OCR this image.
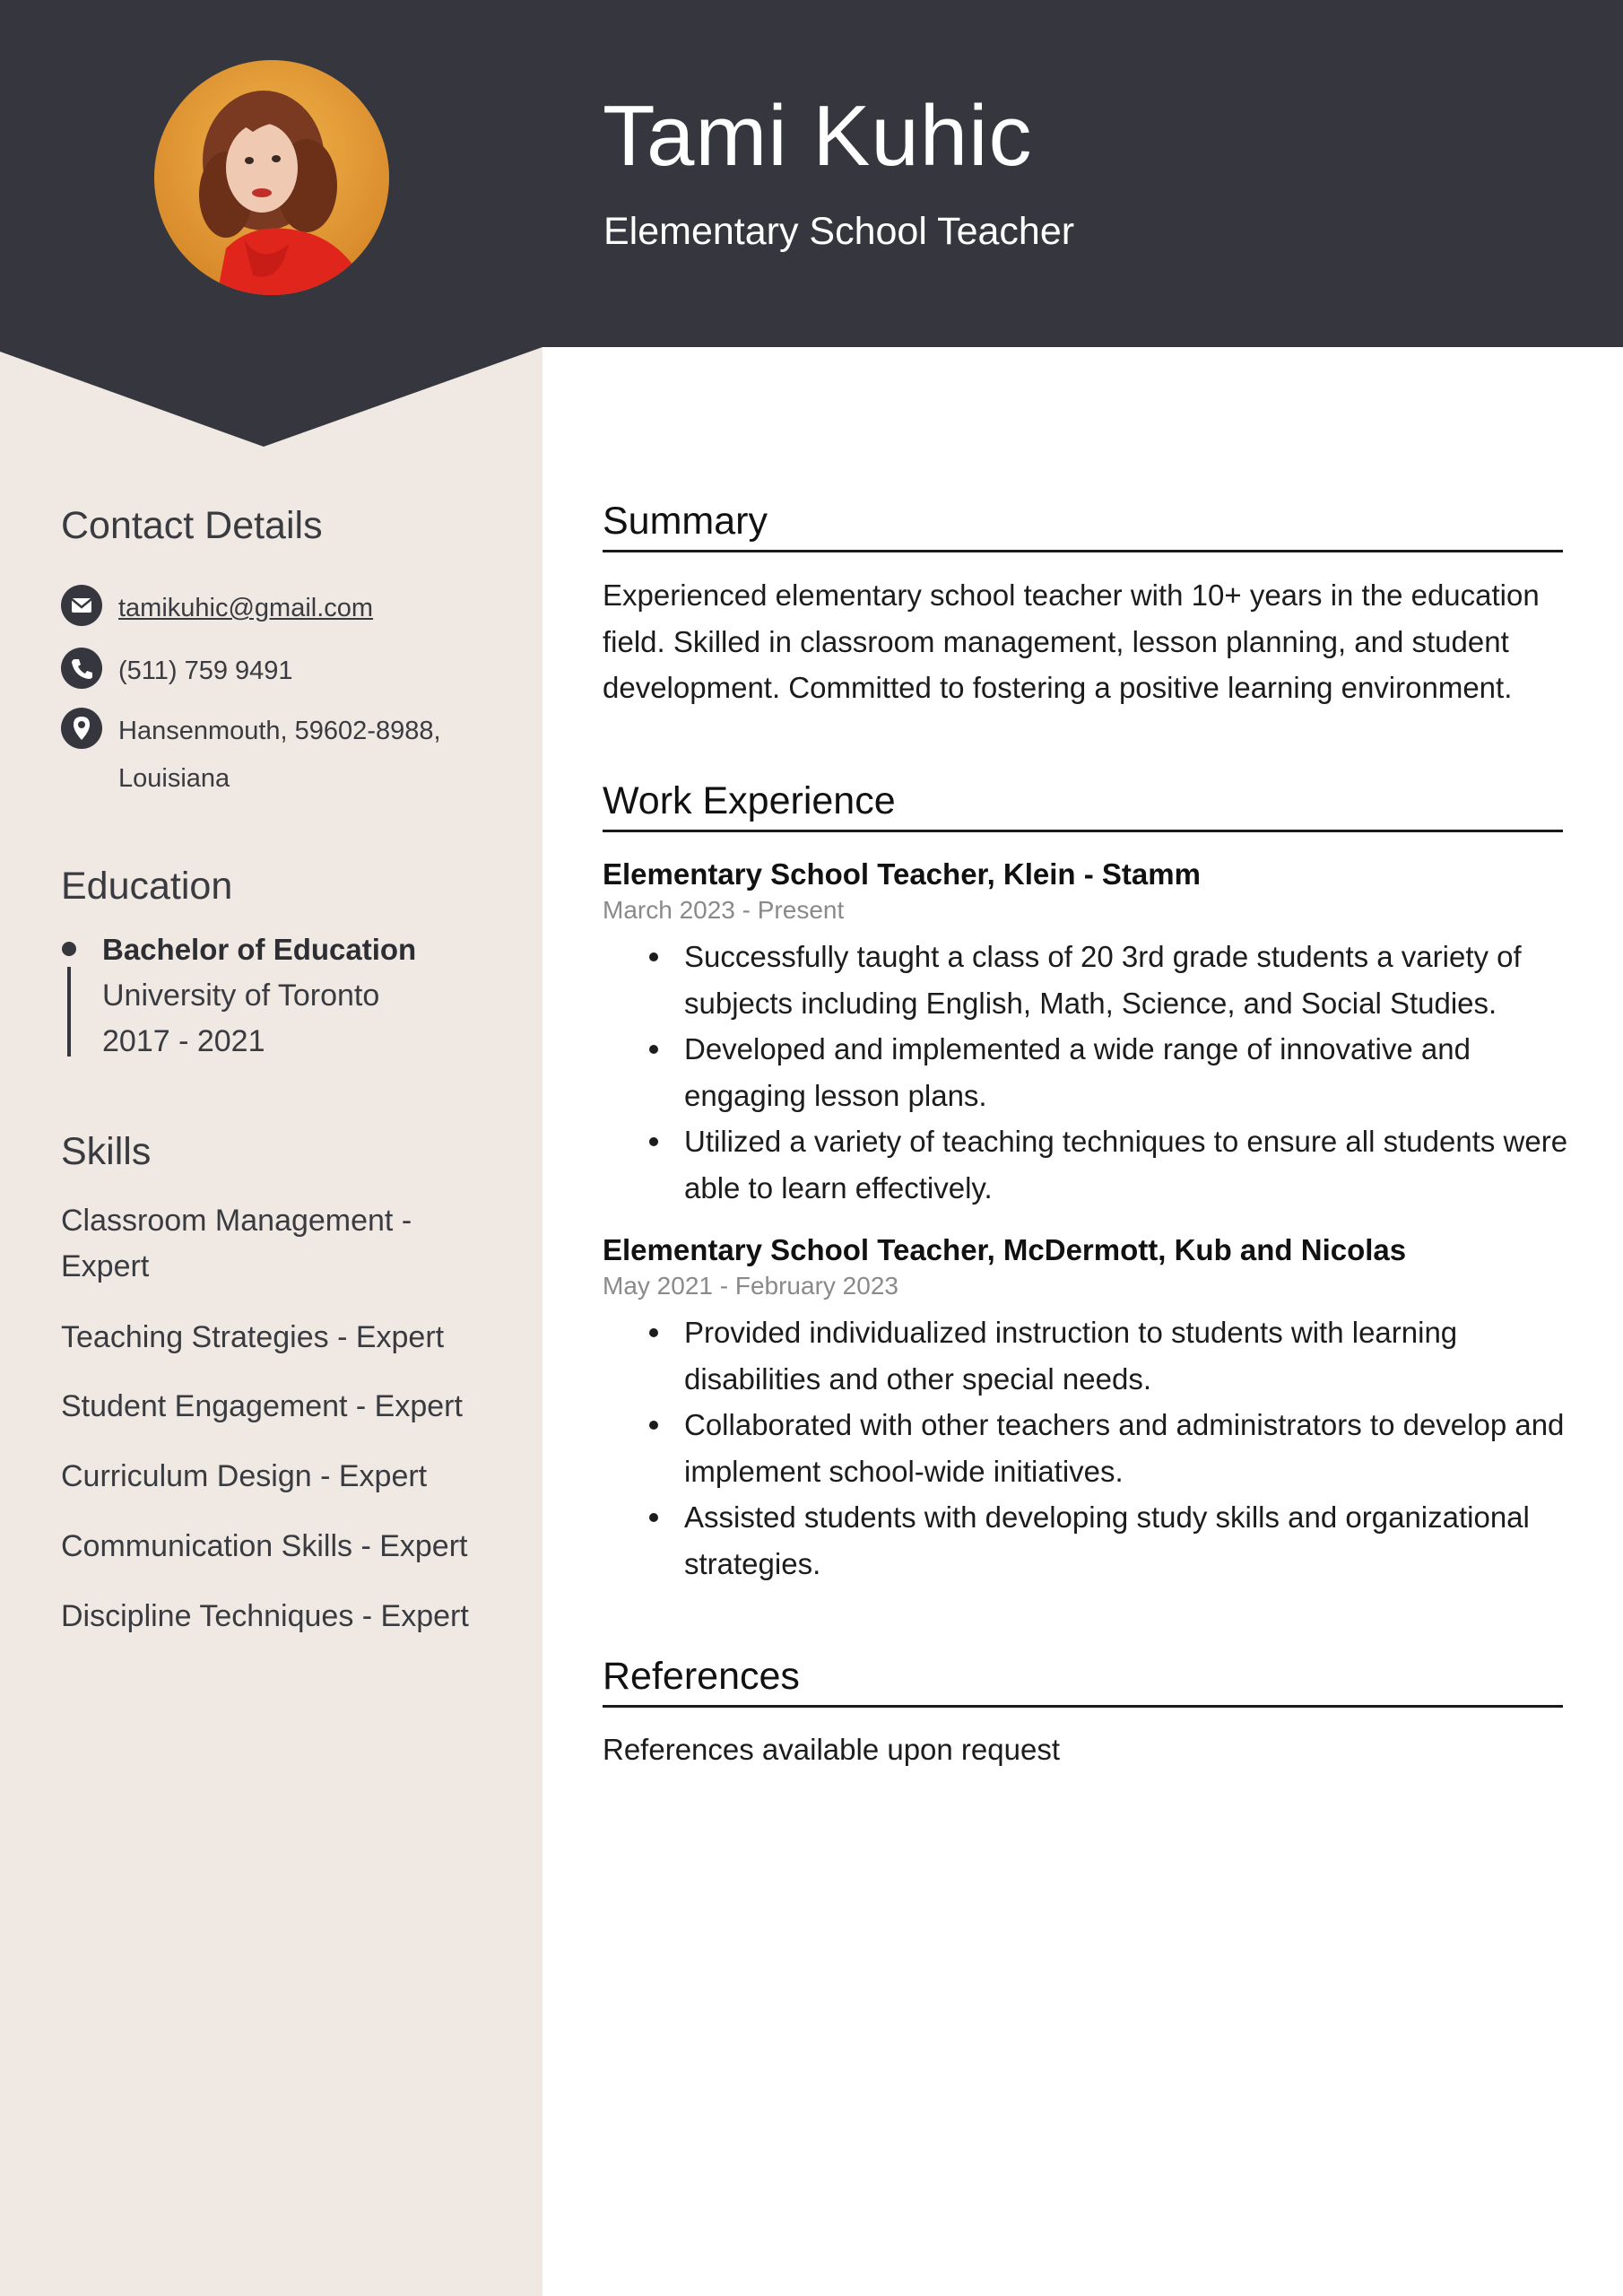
Tami Kuhic
Elementary School Teacher
Contact Details
tamikuhic@gmail.com
(511) 759 9491
Hansenmouth, 59602-8988,
Louisiana
Education
Bachelor of Education
University of Toronto
2017 - 2021
Skills
Classroom Management - Expert
Teaching Strategies - Expert
Student Engagement - Expert
Curriculum Design - Expert
Communication Skills - Expert
Discipline Techniques - Expert
Summary

Experienced elementary school teacher with 10+ years in the education field. Skilled in classroom management, lesson planning, and student development. Committed to fostering a positive learning environment.

Work Experience
Elementary School Teacher, Klein - Stamm
March 2023 - Present
Successfully taught a class of 20 3rd grade students a variety of subjects including English, Math, Science, and Social Studies.
Developed and implemented a wide range of innovative and engaging lesson plans.
Utilized a variety of teaching techniques to ensure all students were able to learn effectively.
Elementary School Teacher, McDermott, Kub and Nicolas
May 2021 - February 2023
Provided individualized instruction to students with learning disabilities and other special needs.
Collaborated with other teachers and administrators to develop and implement school-wide initiatives.
Assisted students with developing study skills and organizational strategies.
References

References available upon request
